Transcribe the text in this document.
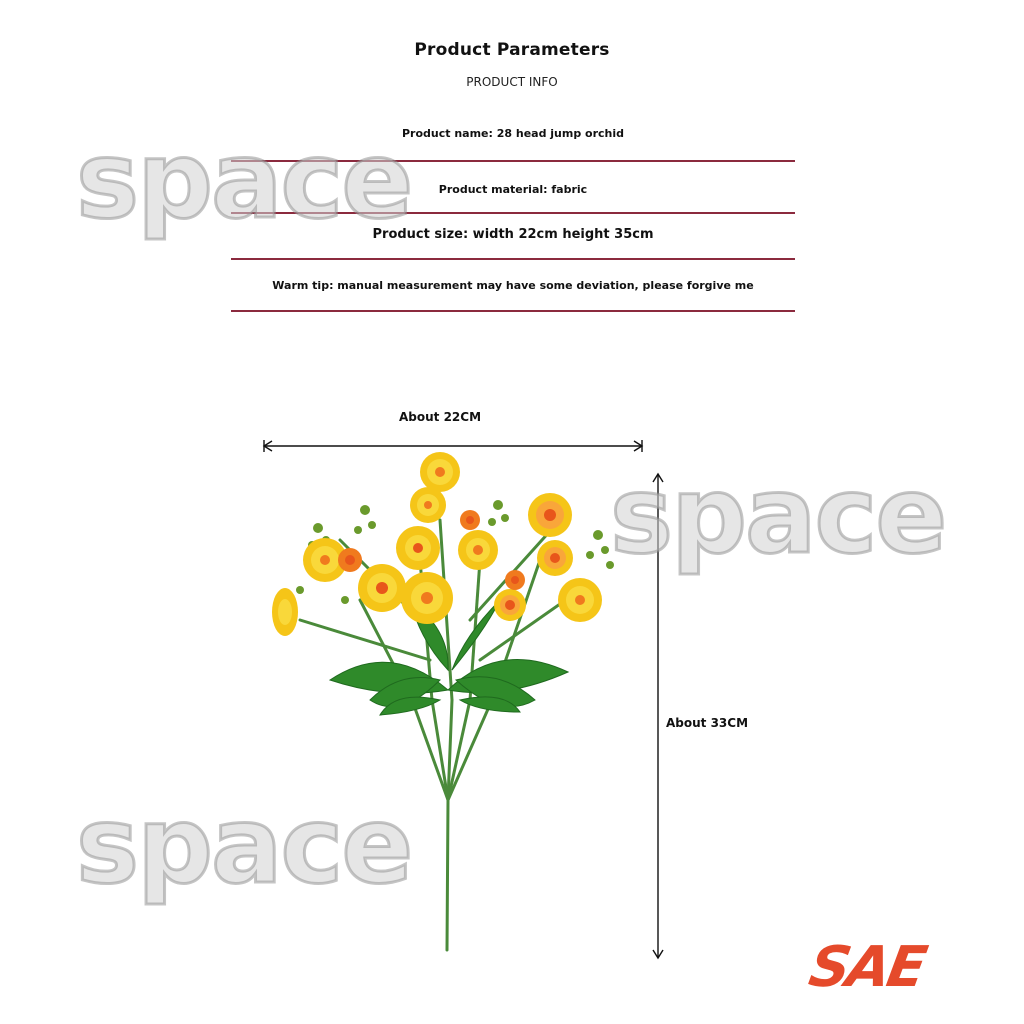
Product Parameters
PRODUCT INFO
Product name: 28 head jump orchid
Product material: fabric
Product size: width 22cm height 35cm
Warm tip: manual measurement may have some deviation, please forgive me
About 22CM
About 33CM
space
space
space
SAE
